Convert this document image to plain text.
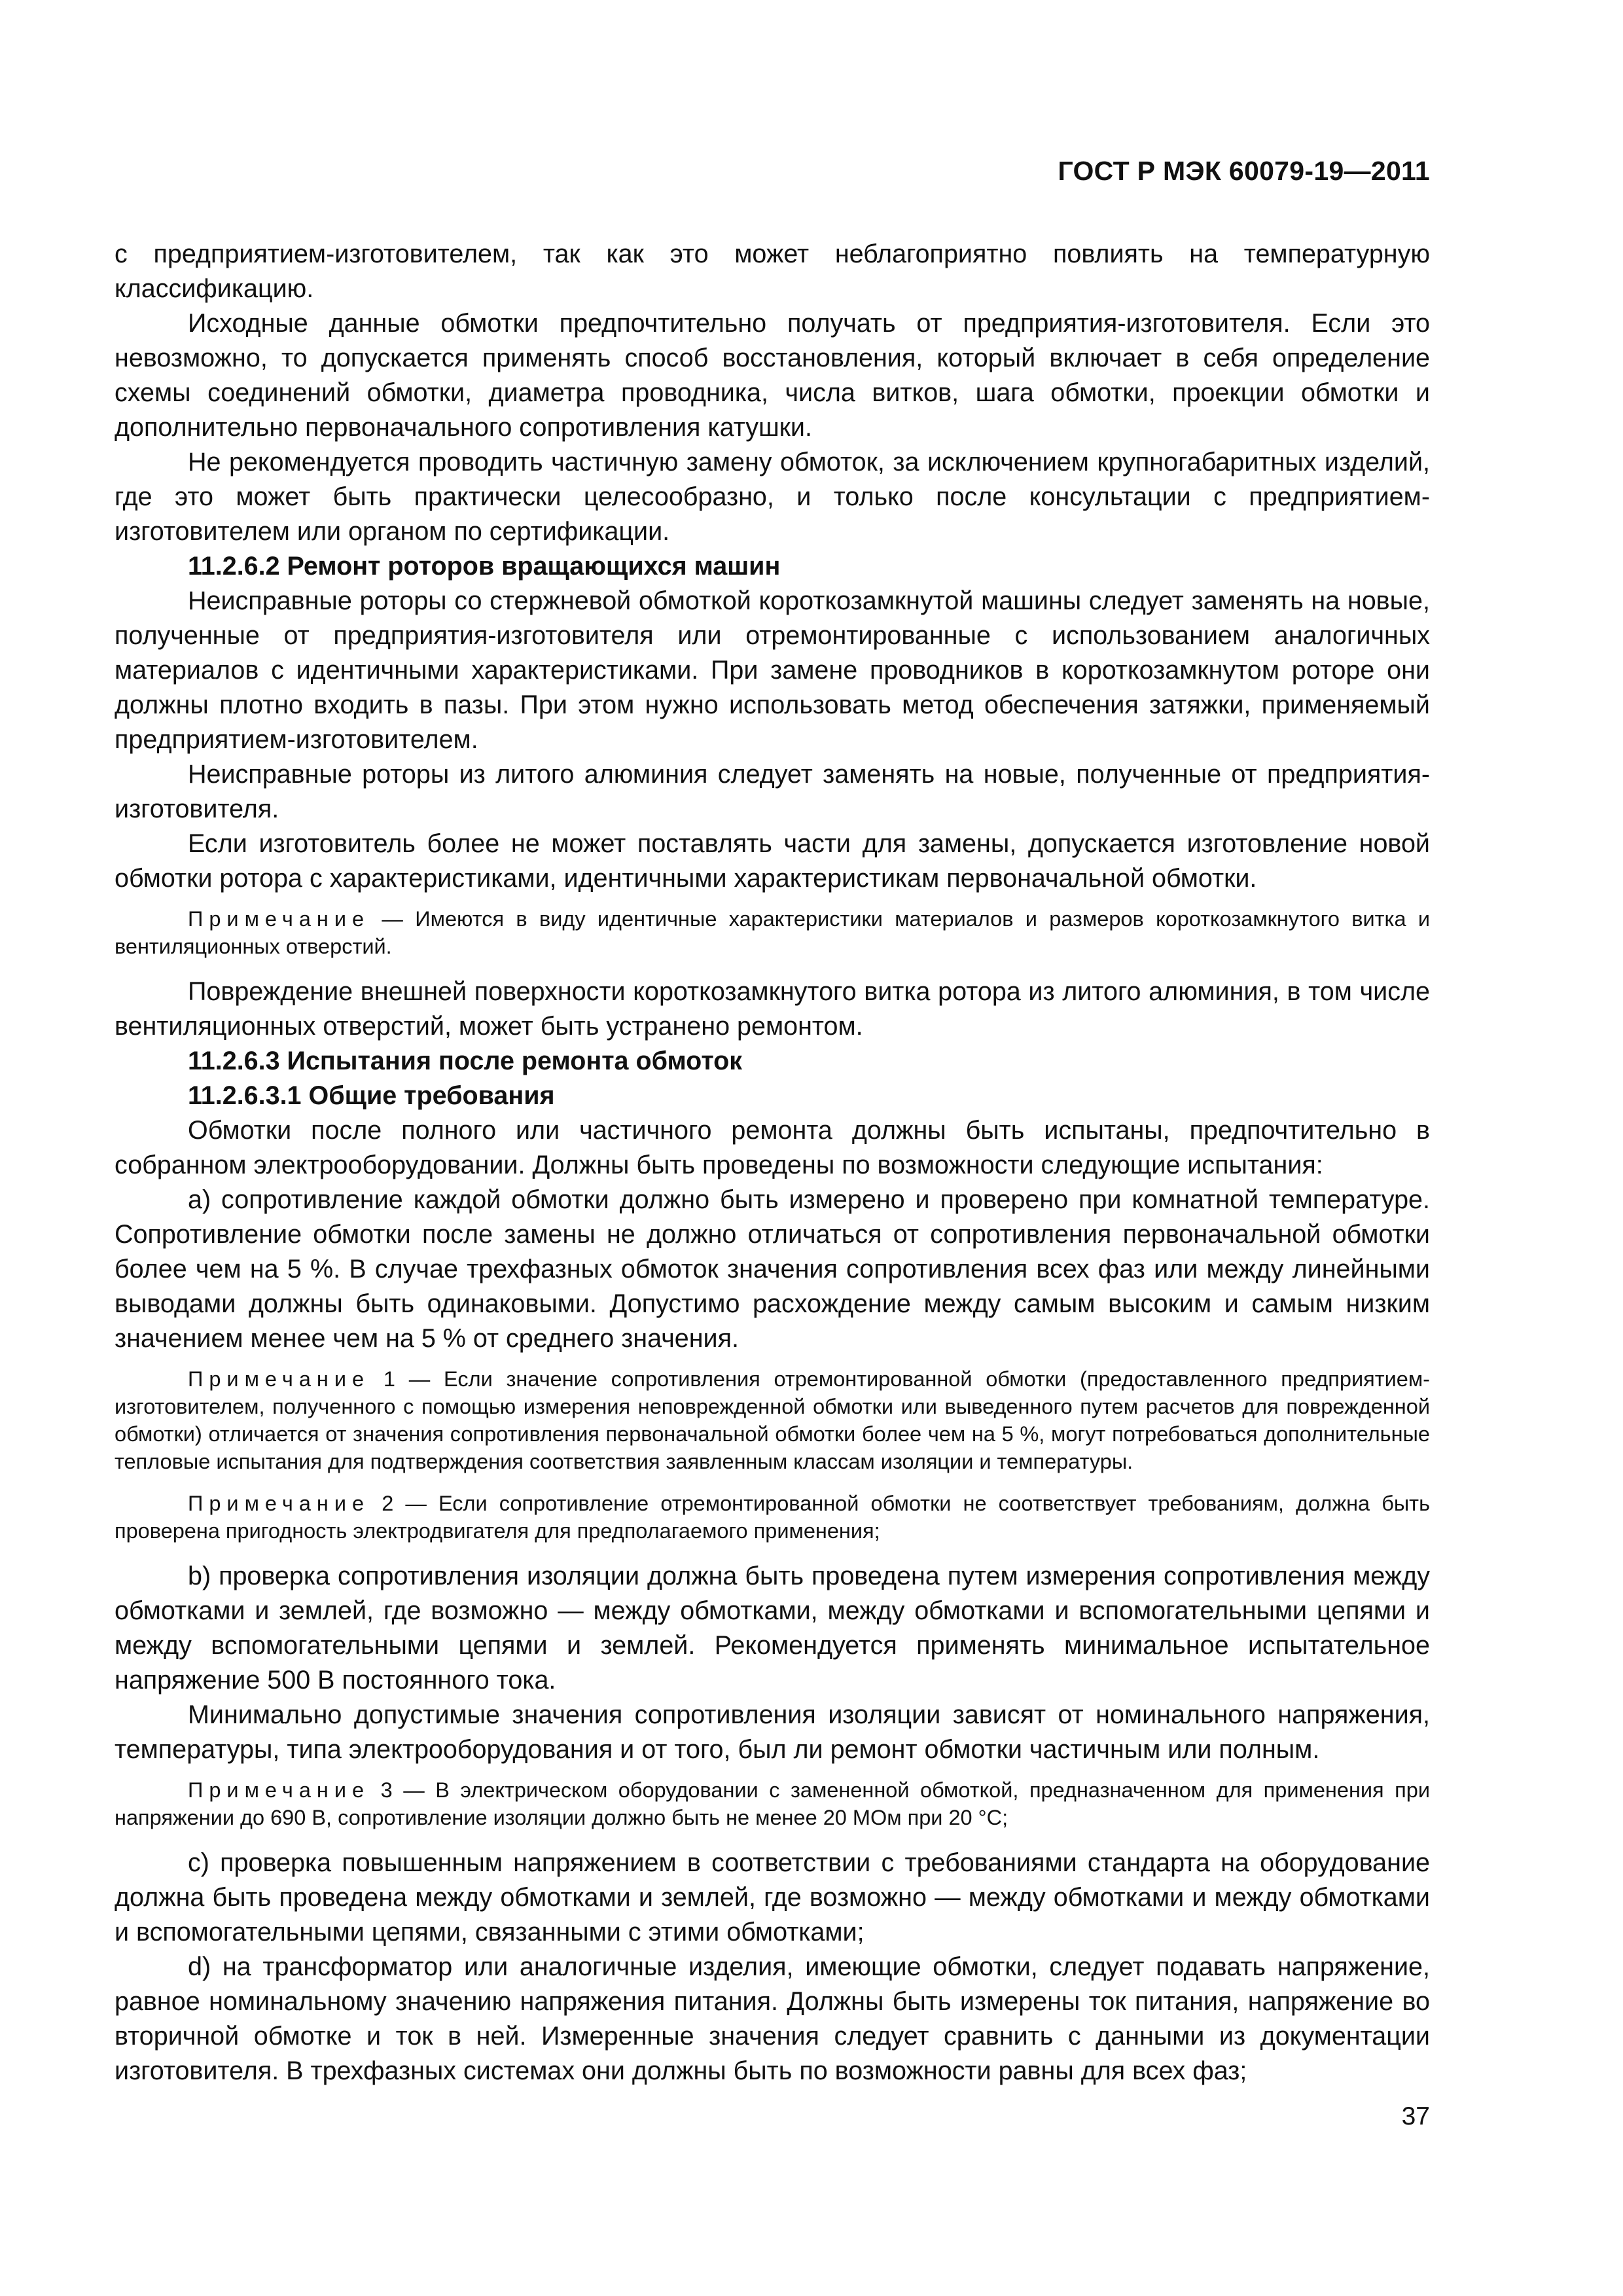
ГОСТ Р МЭК 60079-19—2011

с предприятием-изготовителем, так как это может неблагоприятно повлиять на температурную классификацию.

Исходные данные обмотки предпочтительно получать от предприятия-изготовителя. Если это невозможно, то допускается применять способ восстановления, который включает в себя определение схемы соединений обмотки, диаметра проводника, числа витков, шага обмотки, проекции обмотки и дополнительно первоначального сопротивления катушки.

Не рекомендуется проводить частичную замену обмоток, за исключением крупногабаритных изделий, где это может быть практически целесообразно, и только после консультации с предприятием-изготовителем или органом по сертификации.

11.2.6.2 Ремонт роторов вращающихся машин

Неисправные роторы со стержневой обмоткой короткозамкнутой машины следует заменять на новые, полученные от предприятия-изготовителя или отремонтированные с использованием аналогичных материалов с идентичными характеристиками. При замене проводников в короткозамкнутом роторе они должны плотно входить в пазы. При этом нужно использовать метод обеспечения затяжки, применяемый предприятием-изготовителем.

Неисправные роторы из литого алюминия следует заменять на новые, полученные от предприятия-изготовителя.

Если изготовитель более не может поставлять части для замены, допускается изготовление новой обмотки ротора с характеристиками, идентичными характеристикам первоначальной обмотки.

Примечание — Имеются в виду идентичные характеристики материалов и размеров короткозамкнутого витка и вентиляционных отверстий.

Повреждение внешней поверхности короткозамкнутого витка ротора из литого алюминия, в том числе вентиляционных отверстий, может быть устранено ремонтом.

11.2.6.3 Испытания после ремонта обмоток

11.2.6.3.1 Общие требования

Обмотки после полного или частичного ремонта должны быть испытаны, предпочтительно в собранном электрооборудовании. Должны быть проведены по возможности следующие испытания:

a) сопротивление каждой обмотки должно быть измерено и проверено при комнатной температуре. Сопротивление обмотки после замены не должно отличаться от сопротивления первоначальной обмотки более чем на 5 %. В случае трехфазных обмоток значения сопротивления всех фаз или между линейными выводами должны быть одинаковыми. Допустимо расхождение между самым высоким и самым низким значением менее чем на 5 % от среднего значения.

Примечание 1 — Если значение сопротивления отремонтированной обмотки (предоставленного предприятием-изготовителем, полученного с помощью измерения неповрежденной обмотки или выведенного путем расчетов для поврежденной обмотки) отличается от значения сопротивления первоначальной обмотки более чем на 5 %, могут потребоваться дополнительные тепловые испытания для подтверждения соответствия заявленным классам изоляции и температуры.

Примечание 2 — Если сопротивление отремонтированной обмотки не соответствует требованиям, должна быть проверена пригодность электродвигателя для предполагаемого применения;

b) проверка сопротивления изоляции должна быть проведена путем измерения сопротивления между обмотками и землей, где возможно — между обмотками, между обмотками и вспомогательными цепями и между вспомогательными цепями и землей. Рекомендуется применять минимальное испытательное напряжение 500 В постоянного тока.

Минимально допустимые значения сопротивления изоляции зависят от номинального напряжения, температуры, типа электрооборудования и от того, был ли ремонт обмотки частичным или полным.

Примечание 3 — В электрическом оборудовании с замененной обмоткой, предназначенном для применения при напряжении до 690 В, сопротивление изоляции должно быть не менее 20 МОм при 20 °С;

c) проверка повышенным напряжением в соответствии с требованиями стандарта на оборудование должна быть проведена между обмотками и землей, где возможно — между обмотками и между обмотками и вспомогательными цепями, связанными с этими обмотками;

d) на трансформатор или аналогичные изделия, имеющие обмотки, следует подавать напряжение, равное номинальному значению напряжения питания. Должны быть измерены ток питания, напряжение во вторичной обмотке и ток в ней. Измеренные значения следует сравнить с данными из документации изготовителя. В трехфазных системах они должны быть по возможности равны для всех фаз;

37
